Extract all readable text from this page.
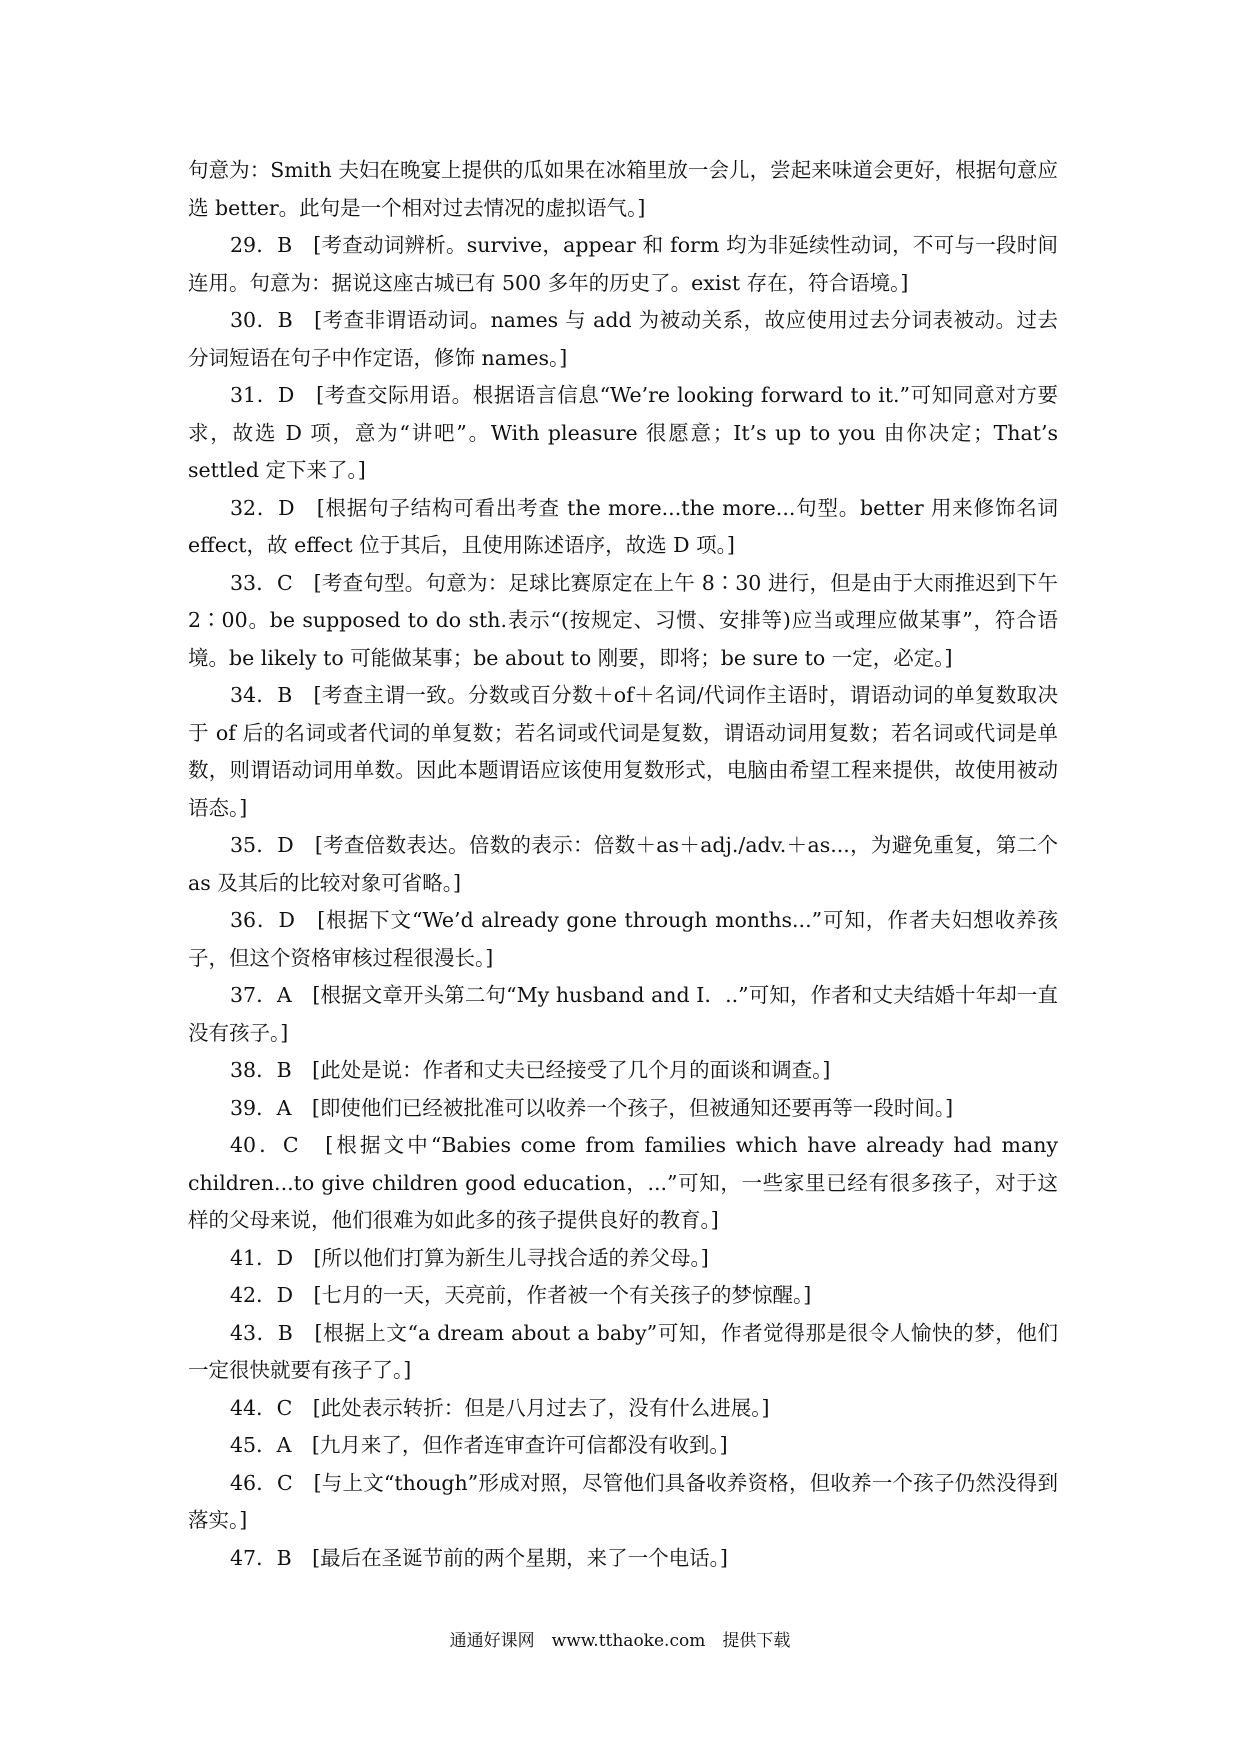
句意为：Smith 夫妇在晚宴上提供的瓜如果在冰箱里放一会儿，尝起来味道会更好，根据句意应选 better。此句是一个相对过去情况的虚拟语气。]

29．B　[考查动词辨析。survive，appear 和 form 均为非延续性动词，不可与一段时间连用。句意为：据说这座古城已有 500 多年的历史了。exist 存在，符合语境。]

30．B　[考查非谓语动词。names 与 add 为被动关系，故应使用过去分词表被动。过去分词短语在句子中作定语，修饰 names。]

31．D　[考查交际用语。根据语言信息“We’re looking forward to it.”可知同意对方要求，故选 D 项，意为“讲吧”。With pleasure 很愿意；It’s up to you 由你决定；That’s settled 定下来了。]

32．D　[根据句子结构可看出考查 the more...the more...句型。better 用来修饰名词 effect，故 effect 位于其后，且使用陈述语序，故选 D 项。]

33．C　[考查句型。句意为：足球比赛原定在上午 8∶30 进行，但是由于大雨推迟到下午 2∶00。be supposed to do sth.表示“(按规定、习惯、安排等)应当或理应做某事”，符合语境。be likely to 可能做某事；be about to 刚要，即将；be sure to 一定，必定。]

34．B　[考查主谓一致。分数或百分数＋of＋名词/代词作主语时，谓语动词的单复数取决于 of 后的名词或者代词的单复数；若名词或代词是复数，谓语动词用复数；若名词或代词是单数，则谓语动词用单数。因此本题谓语应该使用复数形式，电脑由希望工程来提供，故使用被动语态。]

35．D　[考查倍数表达。倍数的表示：倍数＋as＋adj./adv.＋as...，为避免重复，第二个 as 及其后的比较对象可省略。]

36．D　[根据下文“We’d already gone through months...”可知，作者夫妇想收养孩子，但这个资格审核过程很漫长。]

37．A　[根据文章开头第二句“My husband and I．..”可知，作者和丈夫结婚十年却一直没有孩子。]

38．B　[此处是说：作者和丈夫已经接受了几个月的面谈和调查。]

39．A　[即使他们已经被批准可以收养一个孩子，但被通知还要再等一段时间。]

40．C　[根据文中“Babies come from families which have already had many children...to give children good education，...”可知，一些家里已经有很多孩子，对于这样的父母来说，他们很难为如此多的孩子提供良好的教育。]

41．D　[所以他们打算为新生儿寻找合适的养父母。]

42．D　[七月的一天，天亮前，作者被一个有关孩子的梦惊醒。]

43．B　[根据上文“a dream about a baby”可知，作者觉得那是很令人愉快的梦，他们一定很快就要有孩子了。]

44．C　[此处表示转折：但是八月过去了，没有什么进展。]

45．A　[九月来了，但作者连审查许可信都没有收到。]

46．C　[与上文“though”形成对照，尽管他们具备收养资格，但收养一个孩子仍然没得到落实。]

47．B　[最后在圣诞节前的两个星期，来了一个电话。]

通通好课网　www.tthaoke.com　提供下载
